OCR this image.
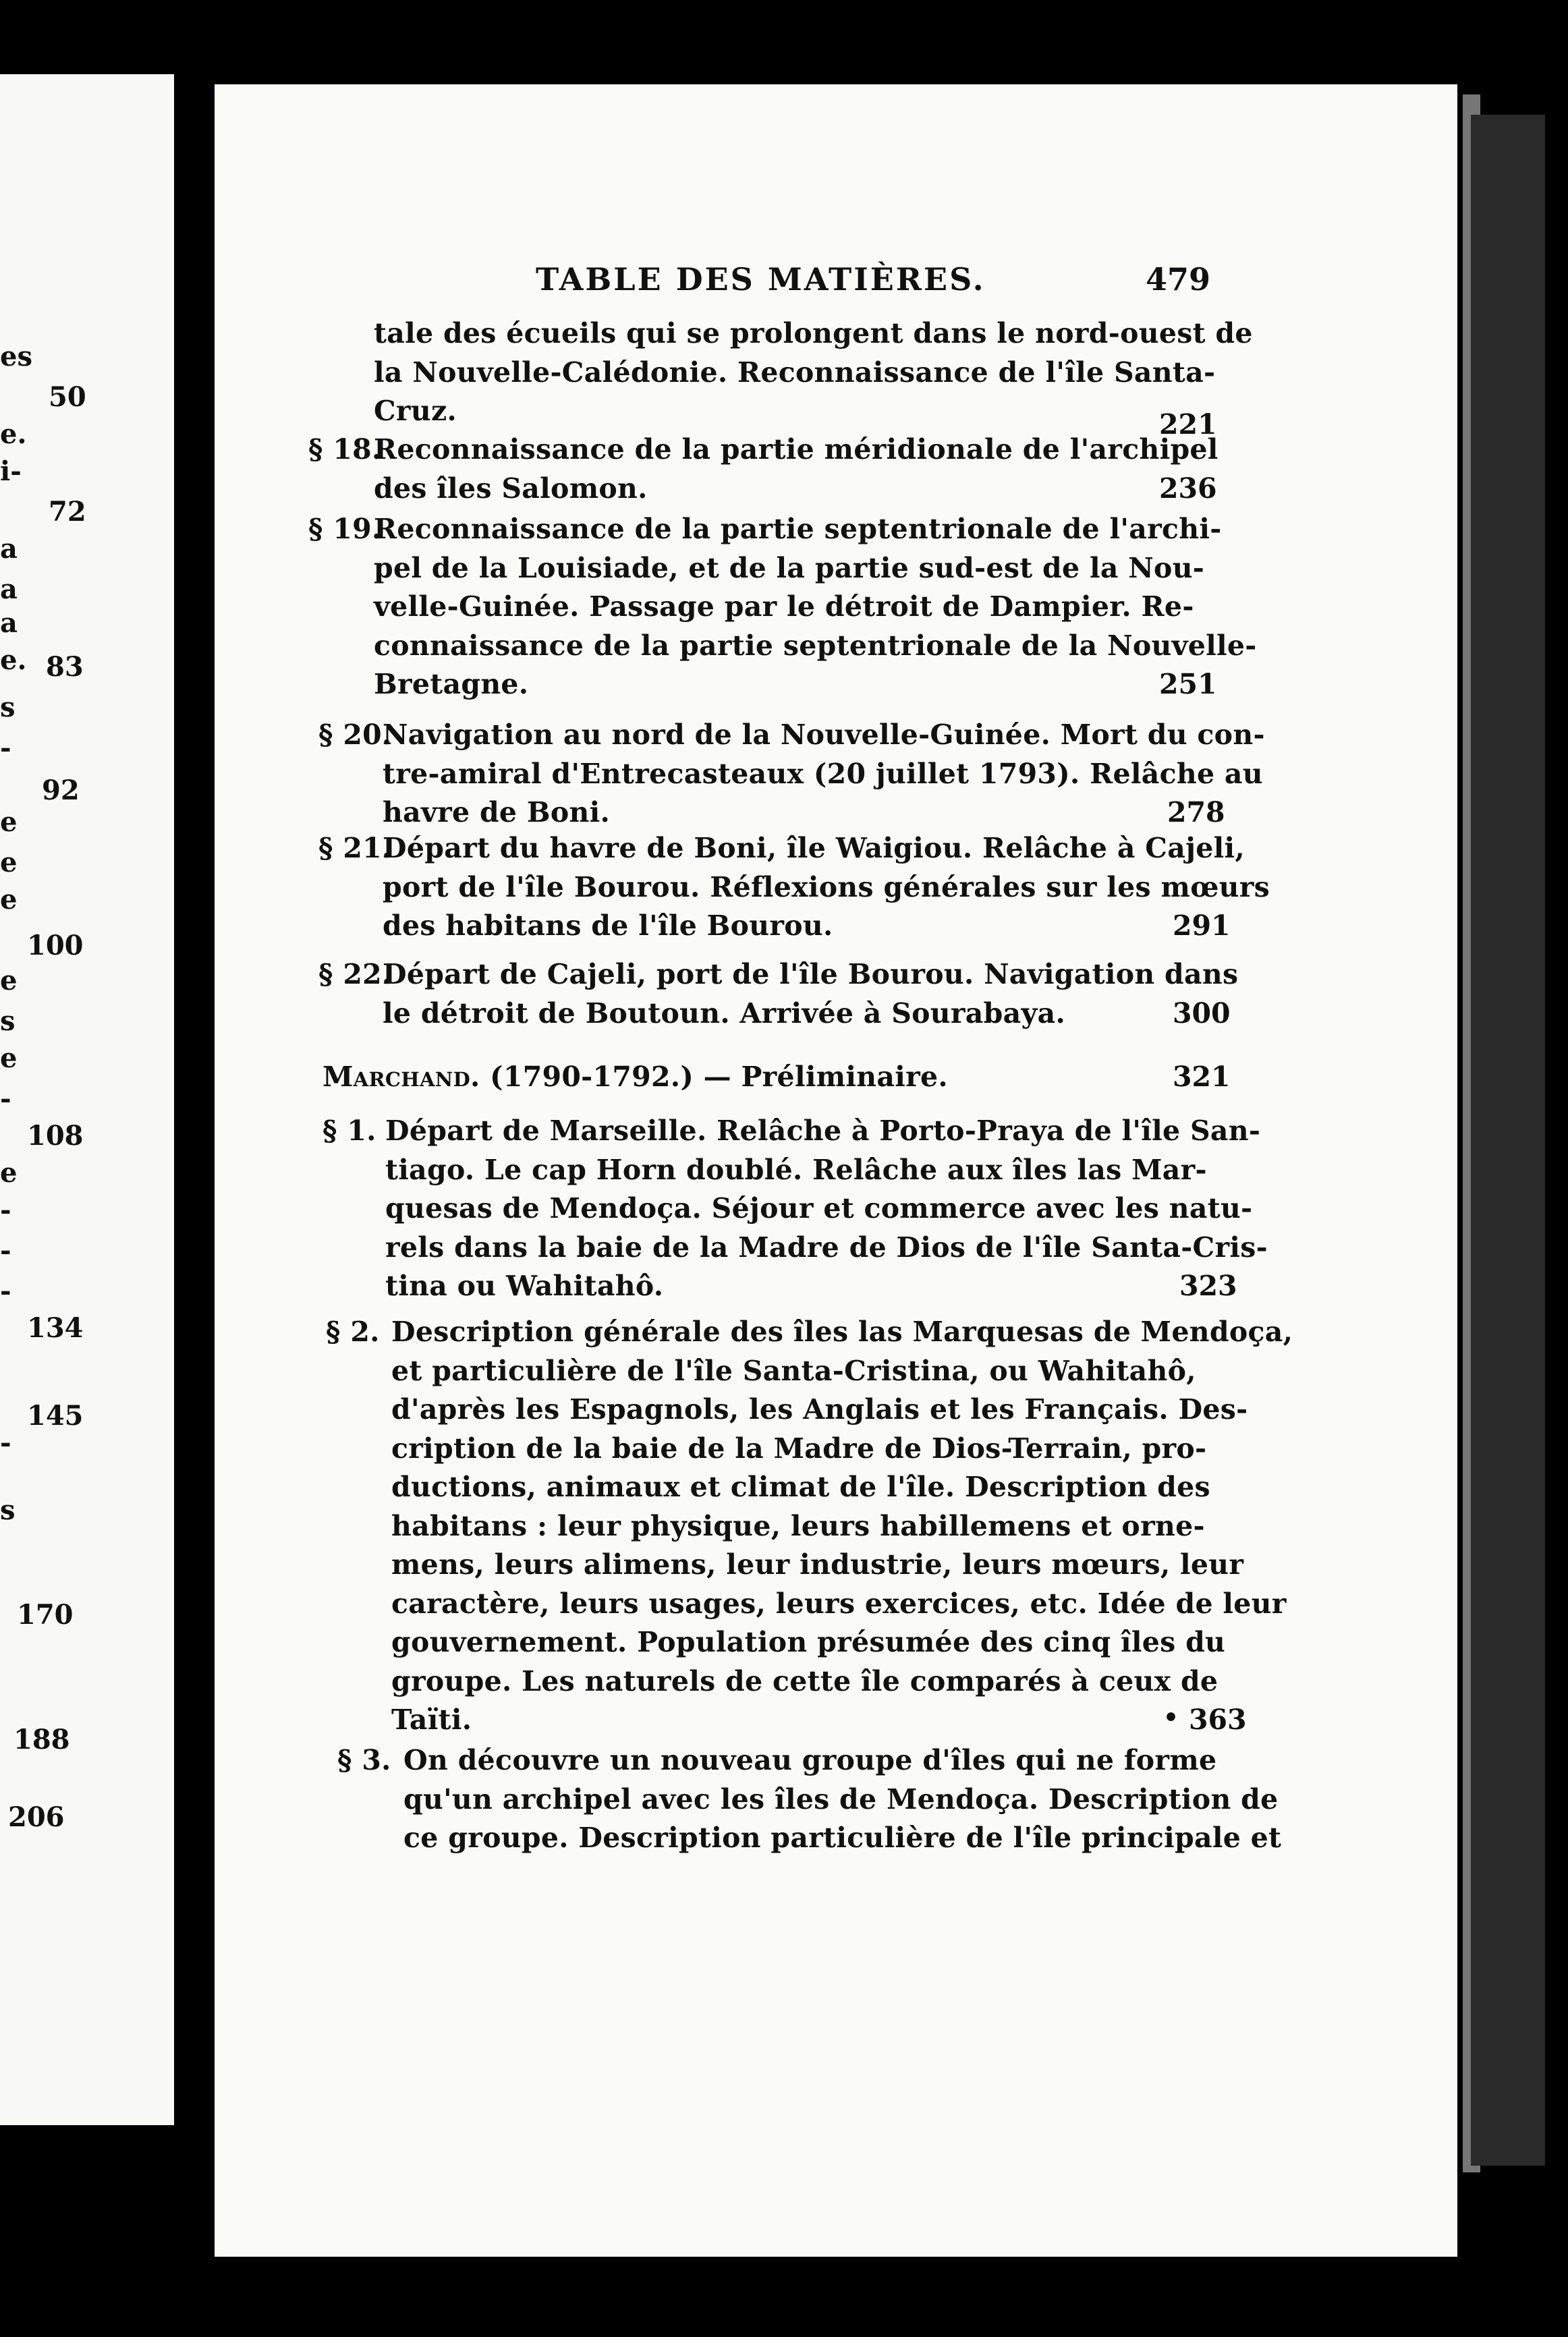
50
72
83
92
100
108
134
145
170
188
206
es
e.
i-
a
a
a
e.
s
-
e
e
e
e
s
e
-
e
-
-
-
-
s
TABLE DES MATIÈRES.	479
tale des écueils qui se prolongent dans le nord-ouest de
la Nouvelle-Calédonie. Reconnaissance de l'île Santa-
Cruz.	221
§ 18.
Reconnaissance de la partie méridionale de l'archipel
des îles Salomon.	236
§ 19.
Reconnaissance de la partie septentrionale de l'archi-
pel de la Louisiade, et de la partie sud-est de la Nou-
velle-Guinée. Passage par le détroit de Dampier. Re-
connaissance de la partie septentrionale de la Nouvelle-
Bretagne.	251
§ 20.
Navigation au nord de la Nouvelle-Guinée. Mort du con-
tre-amiral d'Entrecasteaux (20 juillet 1793). Relâche au
havre de Boni.	278
§ 21.
Départ du havre de Boni, île Waigiou. Relâche à Cajeli,
port de l'île Bourou. Réflexions générales sur les mœurs
des habitans de l'île Bourou.	291
§ 22.
Départ de Cajeli, port de l'île Bourou. Navigation dans
le détroit de Boutoun. Arrivée à Sourabaya.	300
Marchand. (1790-1792.) — Préliminaire.	321
§ 1. Départ de Marseille. Relâche à Porto-Praya de l'île San-
tiago. Le cap Horn doublé. Relâche aux îles las Mar-
quesas de Mendoça. Séjour et commerce avec les natu-
rels dans la baie de la Madre de Dios de l'île Santa-Cris-
tina ou Wahitahô.	323
§ 2. Description générale des îles las Marquesas de Mendoça,
et particulière de l'île Santa-Cristina, ou Wahitahô,
d'après les Espagnols, les Anglais et les Français. Des-
cription de la baie de la Madre de Dios-Terrain, pro-
ductions, animaux et climat de l'île. Description des
habitans : leur physique, leurs habillemens et orne-
mens, leurs alimens, leur industrie, leurs mœurs, leur
caractère, leurs usages, leurs exercices, etc. Idée de leur
gouvernement. Population présumée des cinq îles du
groupe. Les naturels de cette île comparés à ceux de
Taïti.	363
§ 3. On découvre un nouveau groupe d'îles qui ne forme
qu'un archipel avec les îles de Mendoça. Description de
ce groupe. Description particulière de l'île principale et
•
